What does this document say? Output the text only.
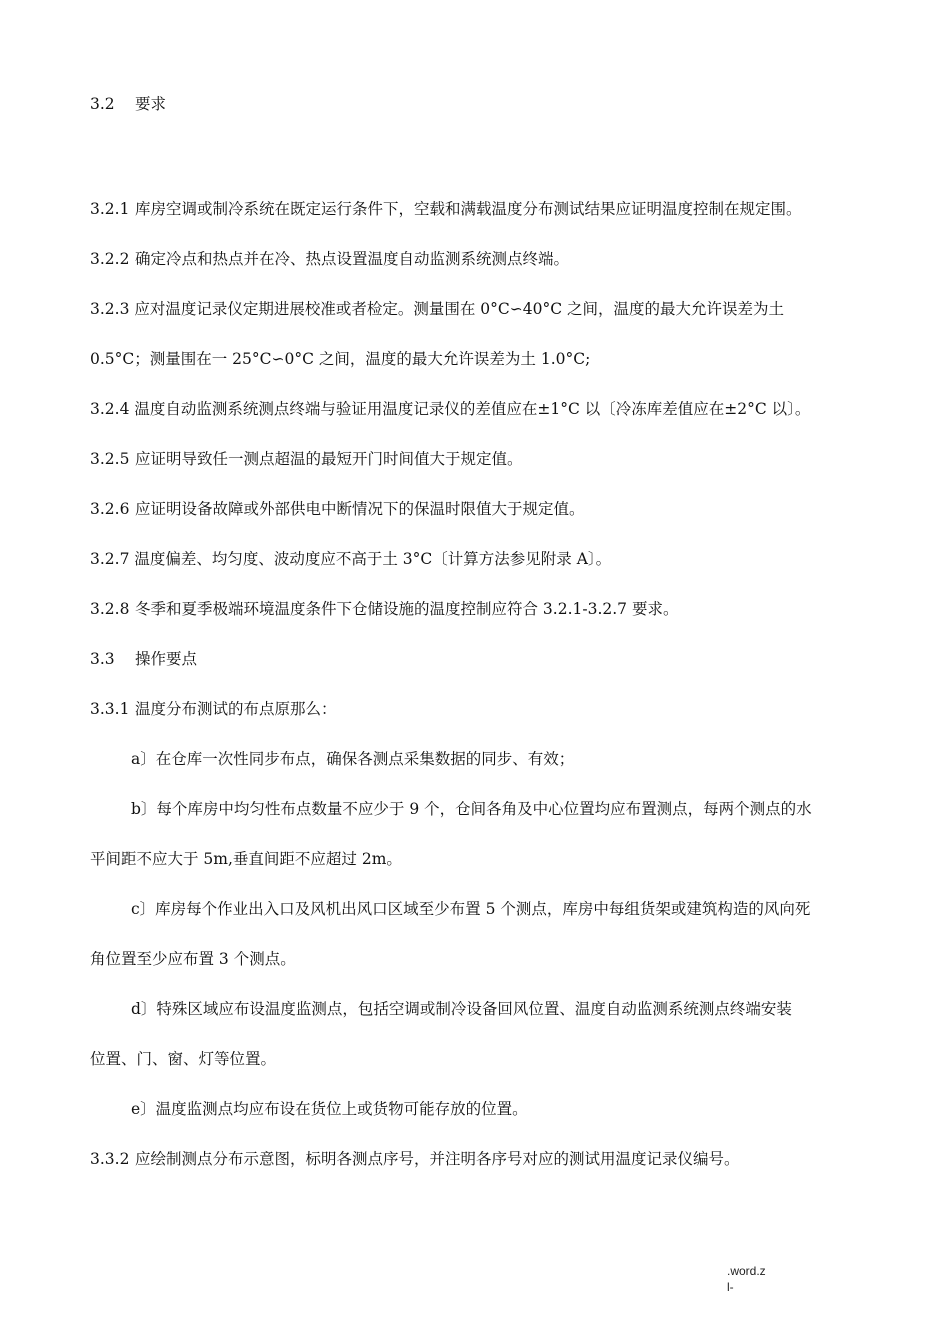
3.2 要求
3.2.1 库房空调或制冷系统在既定运行条件下，空载和满载温度分布测试结果应证明温度控制在规定围。
3.2.2 确定冷点和热点并在冷、热点设置温度自动监测系统测点终端。
3.2.3 应对温度记录仪定期进展校准或者检定。测量围在 0°C∽40°C 之间，温度的最大允许误差为土
0.5°C；测量围在一 25°C∽0°C 之间，温度的最大允许误差为土 1.0°C;
3.2.4 温度自动监测系统测点终端与验证用温度记录仪的差值应在±1°C 以〔冷冻库差值应在±2°C 以〕。
3.2.5 应证明导致任一测点超温的最短开门时间值大于规定值。
3.2.6 应证明设备故障或外部供电中断情况下的保温时限值大于规定值。
3.2.7 温度偏差、均匀度、波动度应不高于土 3°C〔计算方法参见附录 A〕。
3.2.8 冬季和夏季极端环境温度条件下仓储设施的温度控制应符合 3.2.1-3.2.7 要求。
3.3 操作要点
3.3.1 温度分布测试的布点原那么：
a〕在仓库一次性同步布点，确保各测点采集数据的同步、有效；
b〕每个库房中均匀性布点数量不应少于 9 个，仓间各角及中心位置均应布置测点，每两个测点的水
平间距不应大于 5m,垂直间距不应超过 2m。
c〕库房每个作业出入口及风机出风口区域至少布置 5 个测点，库房中每组货架或建筑构造的风向死
角位置至少应布置 3 个测点。
d〕特殊区域应布设温度监测点，包括空调或制冷设备回风位置、温度自动监测系统测点终端安装
位置、门、窗、灯等位置。
e〕温度监测点均应布设在货位上或货物可能存放的位置。
3.3.2 应绘制测点分布示意图，标明各测点序号，并注明各序号对应的测试用温度记录仪编号。
.word.z
l-
